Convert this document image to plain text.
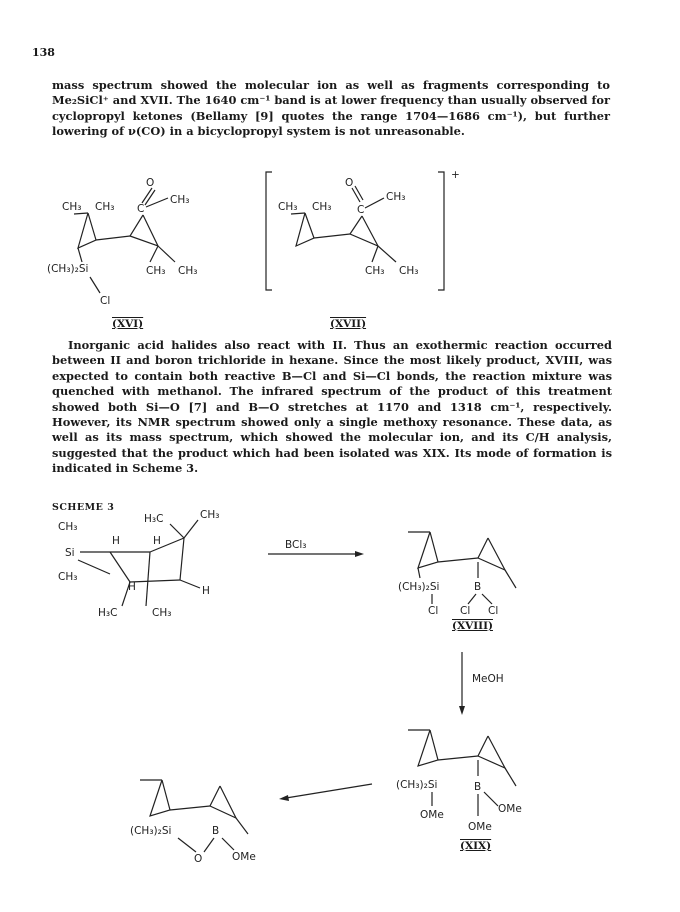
138
mass spectrum showed the molecular ion as well as fragments corresponding to Me₂SiCl⁺ and XVII. The 1640 cm⁻¹ band is at lower frequency than usually observed for cyclopropyl ketones (Bellamy [9] quotes the range 1704—1686 cm⁻¹), but further lowering of ν(CO) in a bicyclopropyl system is not unreasonable.
Inorganic acid halides also react with II. Thus an exothermic reaction occurred between II and boron trichloride in hexane. Since the most likely product, XVIII, was expected to contain both reactive B—Cl and Si—Cl bonds, the reaction mixture was quenched with methanol. The infrared spectrum of the product of this treatment showed both Si—O [7] and B—O stretches at 1170 and 1318 cm⁻¹, respectively. However, its NMR spectrum showed only a single methoxy resonance. These data, as well as its mass spectrum, which showed the molecular ion, and its C/H analysis, suggested that the product which had been isolated was XIX. Its mode of formation is indicated in Scheme 3.
SCHEME 3
(XVI)	(XVII)
(XVIII)
(XIX)
CH₃ CH₃
O
CH₃
C
(CH₃)₂Si	CH₃ CH₃
Cl
+
CH₃ CH₃
O
CH₃
C
CH₃ CH₃
H₃C	CH₃
CH₃
Si
CH₃
H	H
H	H
H₃C	CH₃
BCl₃
(CH₃)₂Si
Cl
B
Cl Cl
MeOH
(CH₃)₂Si
OMe
B
OMe
OMe
(CH₃)₂Si	B
O	OMe
